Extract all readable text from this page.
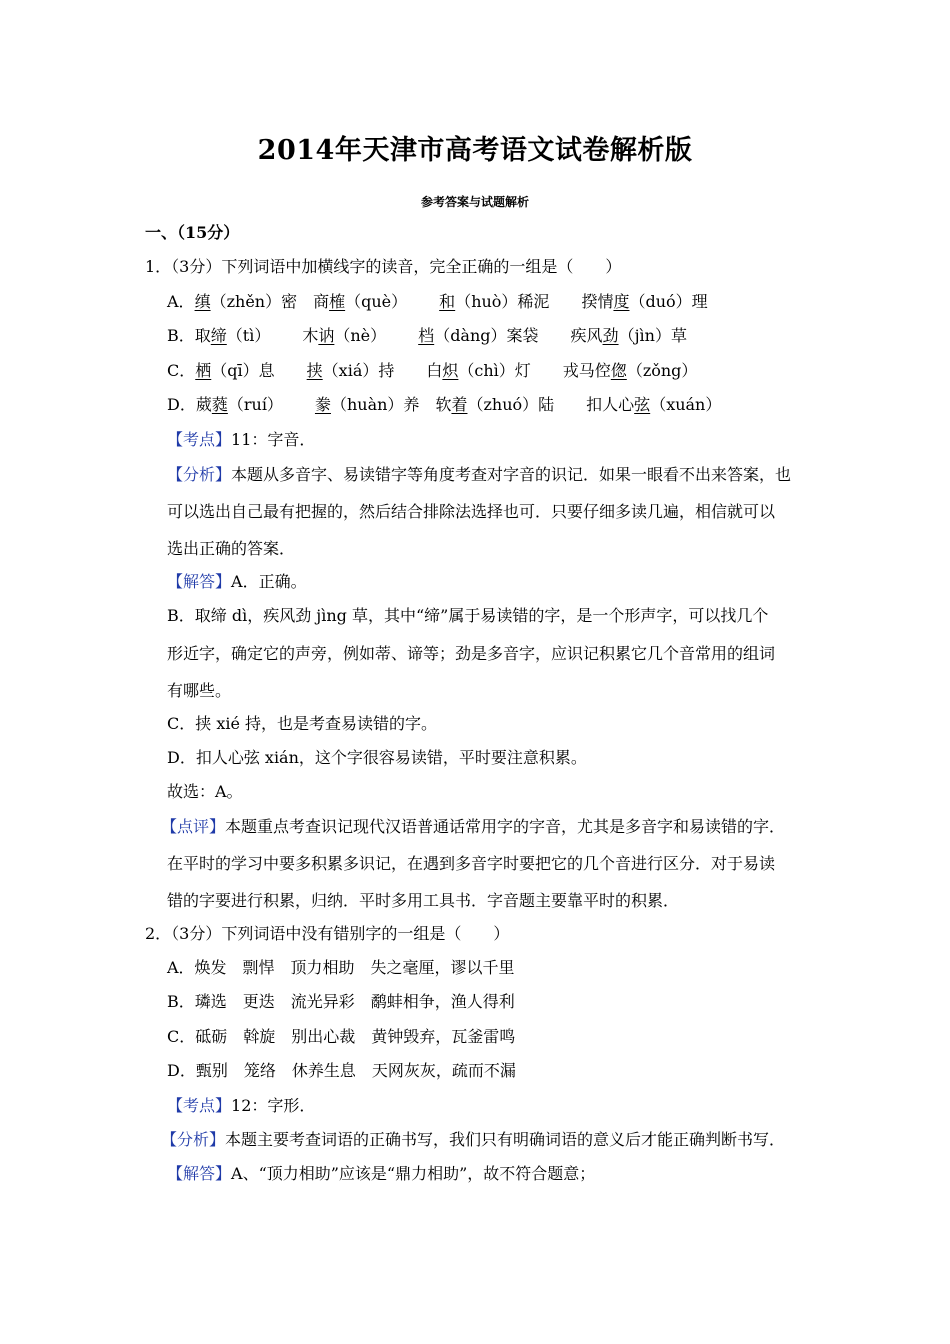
2014年天津市高考语文试卷解析版
参考答案与试题解析
一、（15分）
1．（3分）下列词语中加横线字的读音，完全正确的一组是（　　）
A．缜（zhěn）密　商榷（què）　　 和（huò）稀泥　　揆情度（duó）理
B．取缔（tì）　　木讷（nè）　　 档（dàng）案袋　　疾风劲（jìn）草
C．栖（qī）息　　 挟（xiá）持　　白炽（chì）灯　　戎马倥偬（zǒng）
D．葳蕤（ruí）　　 豢（huàn）养　软着（zhuó）陆　　扣人心弦（xuán）
【考点】11：字音．
【分析】本题从多音字、易读错字等角度考查对字音的识记．如果一眼看不出来答案，也
可以选出自己最有把握的，然后结合排除法选择也可．只要仔细多读几遍，相信就可以
选出正确的答案．
【解答】A．正确。
B．取缔 dì，疾风劲 jìng 草，其中“缔”属于易读错的字，是一个形声字，可以找几个
形近字，确定它的声旁，例如蒂、谛等；劲是多音字，应识记积累它几个音常用的组词
有哪些。
C．挟 xié 持，也是考查易读错的字。
D．扣人心弦 xián，这个字很容易读错，平时要注意积累。
故选：A。
【点评】本题重点考查识记现代汉语普通话常用字的字音，尤其是多音字和易读错的字．
在平时的学习中要多积累多识记，在遇到多音字时要把它的几个音进行区分．对于易读
错的字要进行积累，归纳．平时多用工具书．字音题主要靠平时的积累．
2．（3分）下列词语中没有错别字的一组是（　　）
A．焕发　剽悍　顶力相助　失之毫厘，谬以千里
B．璘选　更迭　流光异彩　鹬蚌相争，渔人得利
C．砥砺　斡旋　别出心裁　黄钟毁弃，瓦釜雷鸣
D．甄别　笼络　休养生息　天网灰灰，疏而不漏
【考点】12：字形．
【分析】本题主要考查词语的正确书写，我们只有明确词语的意义后才能正确判断书写．
【解答】A、“顶力相助”应该是“鼎力相助”，故不符合题意；
